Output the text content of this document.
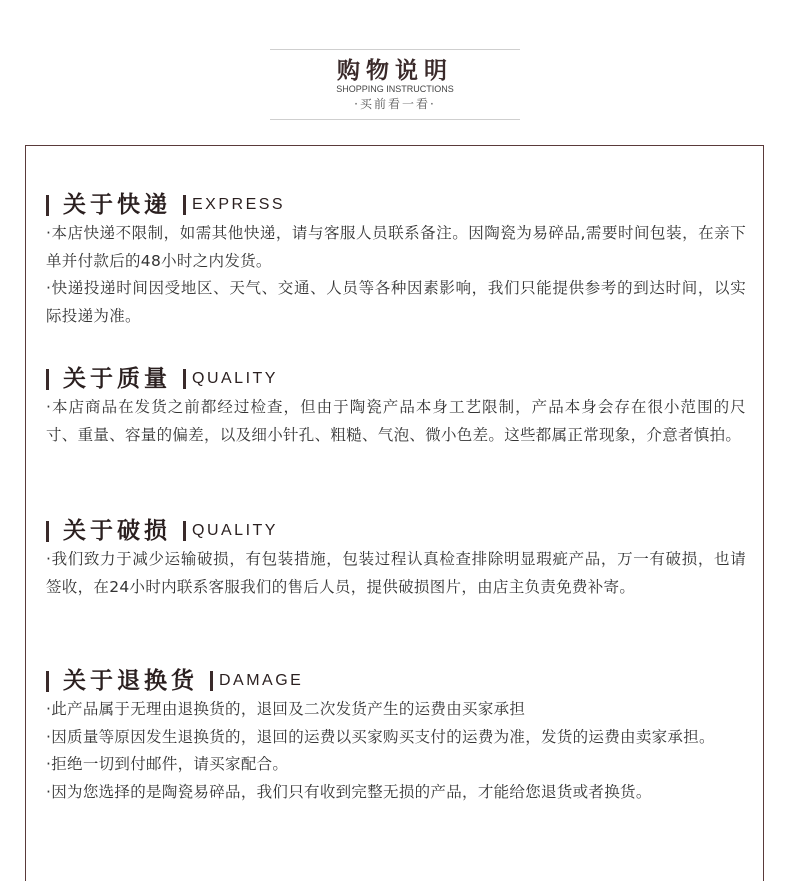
购物说明
SHOPPING INSTRUCTIONS
·买前看一看·
关于快递 EXPRESS

·本店快递不限制，如需其他快递，请与客服人员联系备注。因陶瓷为易碎品,需要时间包装，在亲下单并付款后的48小时之内发货。

·快递投递时间因受地区、天气、交通、人员等各种因素影响，我们只能提供参考的到达时间，以实际投递为准。

关于质量 QUALITY

·本店商品在发货之前都经过检查，但由于陶瓷产品本身工艺限制，产品本身会存在很小范围的尺寸、重量、容量的偏差，以及细小针孔、粗糙、气泡、微小色差。这些都属正常现象，介意者慎拍。

关于破损 QUALITY

·我们致力于减少运输破损，有包装措施，包装过程认真检查排除明显瑕疵产品，万一有破损，也请签收，在24小时内联系客服我们的售后人员，提供破损图片，由店主负责免费补寄。

关于退换货 DAMAGE

·此产品属于无理由退换货的，退回及二次发货产生的运费由买家承担

·因质量等原因发生退换货的，退回的运费以买家购买支付的运费为准，发货的运费由卖家承担。

·拒绝一切到付邮件，请买家配合。

·因为您选择的是陶瓷易碎品，我们只有收到完整无损的产品，才能给您退货或者换货。
